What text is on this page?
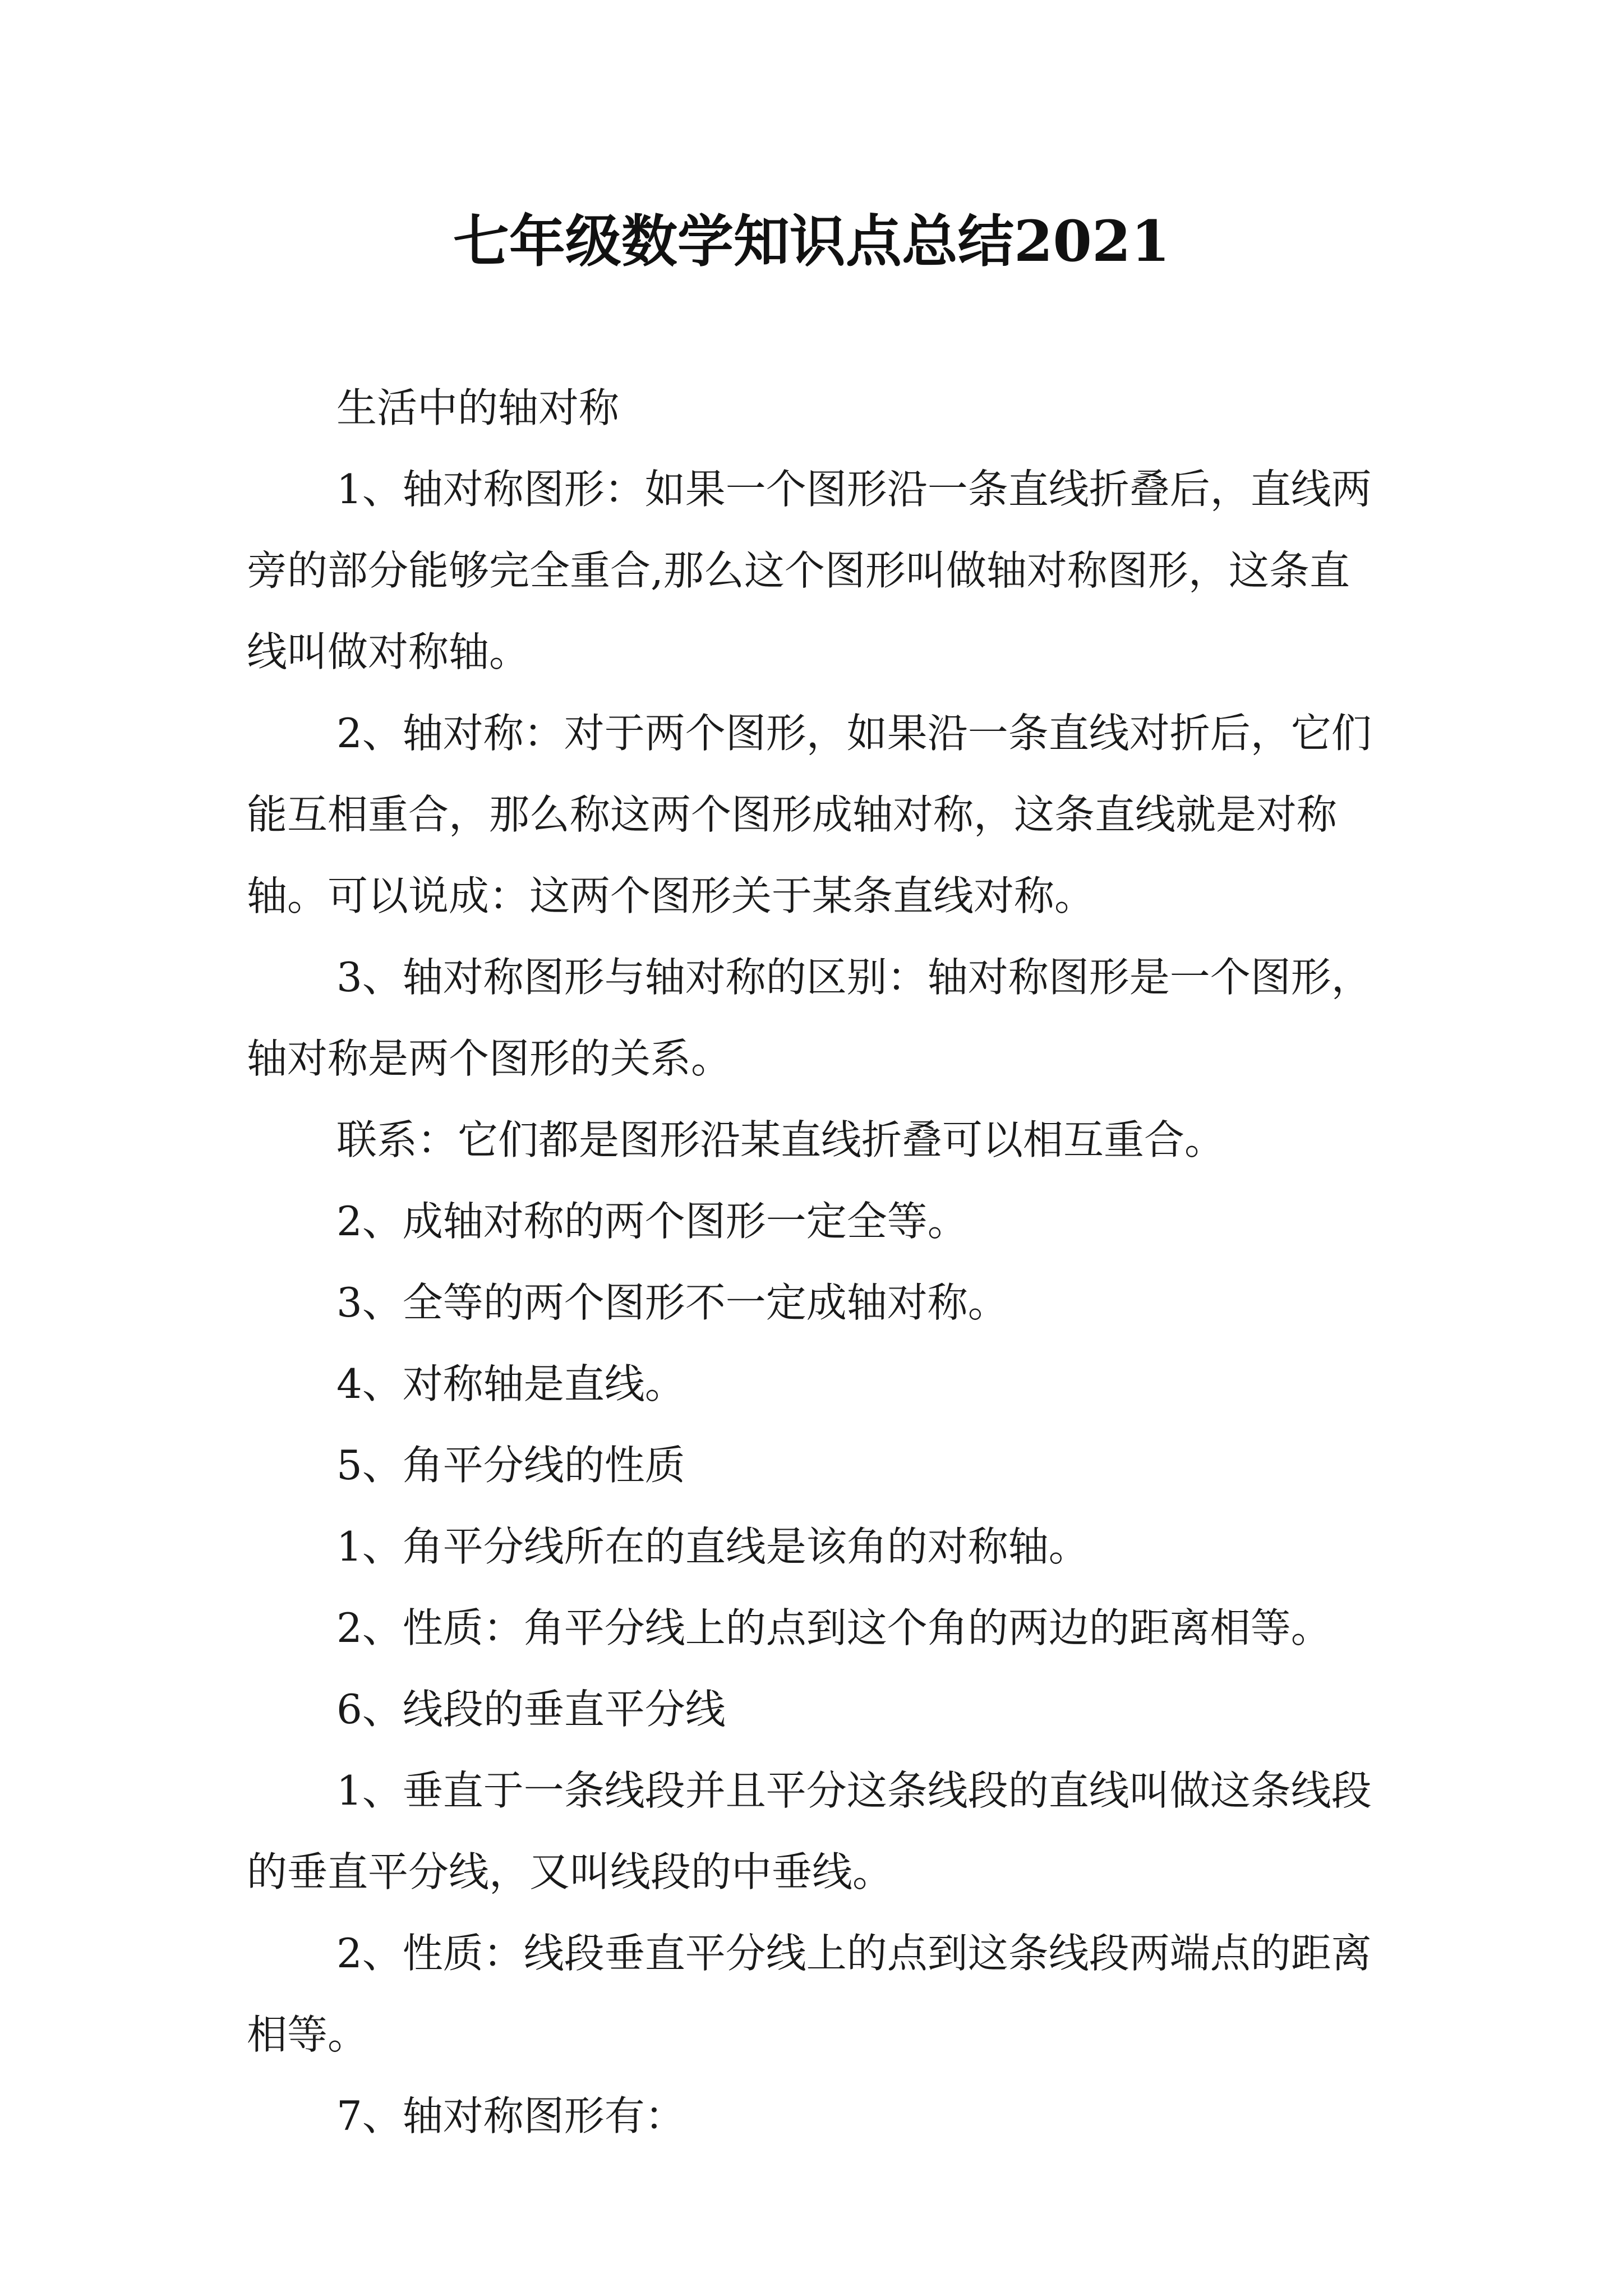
七年级数学知识点总结2021

生活中的轴对称

1、轴对称图形：如果一个图形沿一条直线折叠后，直线两旁的部分能够完全重合,那么这个图形叫做轴对称图形，这条直线叫做对称轴。

2、轴对称：对于两个图形，如果沿一条直线对折后，它们能互相重合，那么称这两个图形成轴对称，这条直线就是对称轴。可以说成：这两个图形关于某条直线对称。

3、轴对称图形与轴对称的区别：轴对称图形是一个图形，轴对称是两个图形的关系。

联系：它们都是图形沿某直线折叠可以相互重合。

2、成轴对称的两个图形一定全等。

3、全等的两个图形不一定成轴对称。

4、对称轴是直线。

5、角平分线的性质

1、角平分线所在的直线是该角的对称轴。

2、性质：角平分线上的点到这个角的两边的距离相等。

6、线段的垂直平分线

1、垂直于一条线段并且平分这条线段的直线叫做这条线段的垂直平分线，又叫线段的中垂线。

2、性质：线段垂直平分线上的点到这条线段两端点的距离相等。

7、轴对称图形有：
